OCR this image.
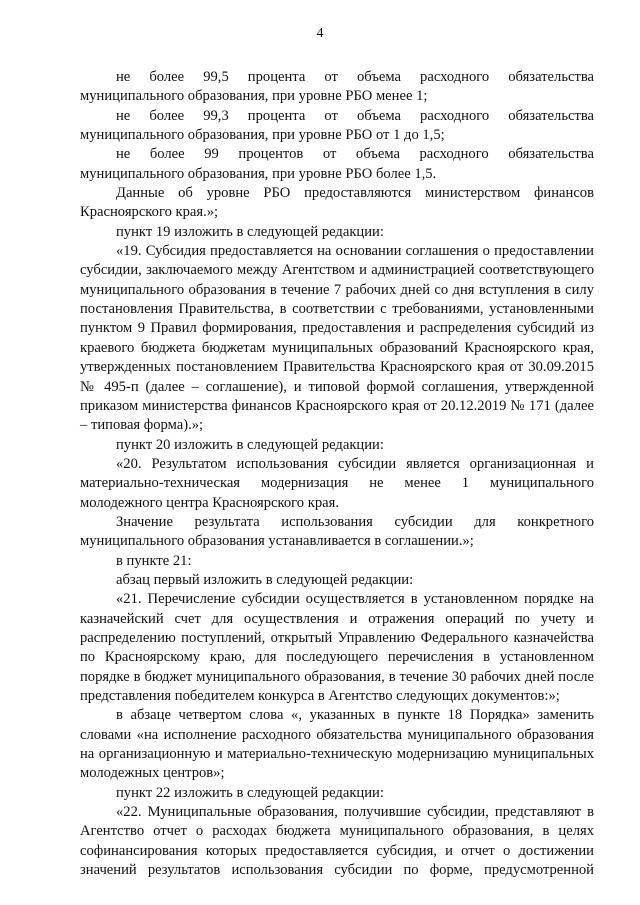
4

не более 99,5 процента от объема расходного обязательства

муниципального образования, при уровне РБО менее 1;

не более 99,3 процента от объема расходного обязательства

муниципального образования, при уровне РБО от 1 до 1,5;

не более 99 процентов от объема расходного обязательства

муниципального образования, при уровне РБО более 1,5.

Данные об уровне РБО предоставляются министерством финансов Красноярского края.»;

пункт 19 изложить в следующей редакции:

«19. Субсидия предоставляется на основании соглашения о предоставлении субсидии, заключаемого между Агентством и администрацией соответствующего муниципального образования в течение 7 рабочих дней со дня вступления в силу постановления Правительства, в соответствии с требованиями, установленными пунктом 9 Правил формирования, предоставления и распределения субсидий из краевого бюджета бюджетам муниципальных образований Красноярского края, утвержденных постановлением Правительства Красноярского края от 30.09.2015 № 495-п (далее – соглашение), и типовой формой соглашения, утвержденной приказом министерства финансов Красноярского края от 20.12.2019 № 171 (далее – типовая форма).»;

пункт 20 изложить в следующей редакции:

«20. Результатом использования субсидии является организационная и материально-техническая модернизация не менее 1 муниципального молодежного центра Красноярского края.

Значение результата использования субсидии для конкретного муниципального образования устанавливается в соглашении.»;

в пункте 21:

абзац первый изложить в следующей редакции:

«21. Перечисление субсидии осуществляется в установленном порядке на казначейский счет для осуществления и отражения операций по учету и распределению поступлений, открытый Управлению Федерального казначейства по Красноярскому краю, для последующего перечисления в установленном порядке в бюджет муниципального образования, в течение 30 рабочих дней после представления победителем конкурса в Агентство следующих документов:»;

в абзаце четвертом слова «, указанных в пункте 18 Порядка» заменить словами «на исполнение расходного обязательства муниципального образования на организационную и материально-техническую модернизацию муниципальных молодежных центров»;

пункт 22 изложить в следующей редакции:

«22. Муниципальные образования, получившие субсидии, представляют в Агентство отчет о расходах бюджета муниципального образования, в целях софинансирования которых предоставляется субсидия, и отчет о достижении значений результатов использования субсидии по форме, предусмотренной
